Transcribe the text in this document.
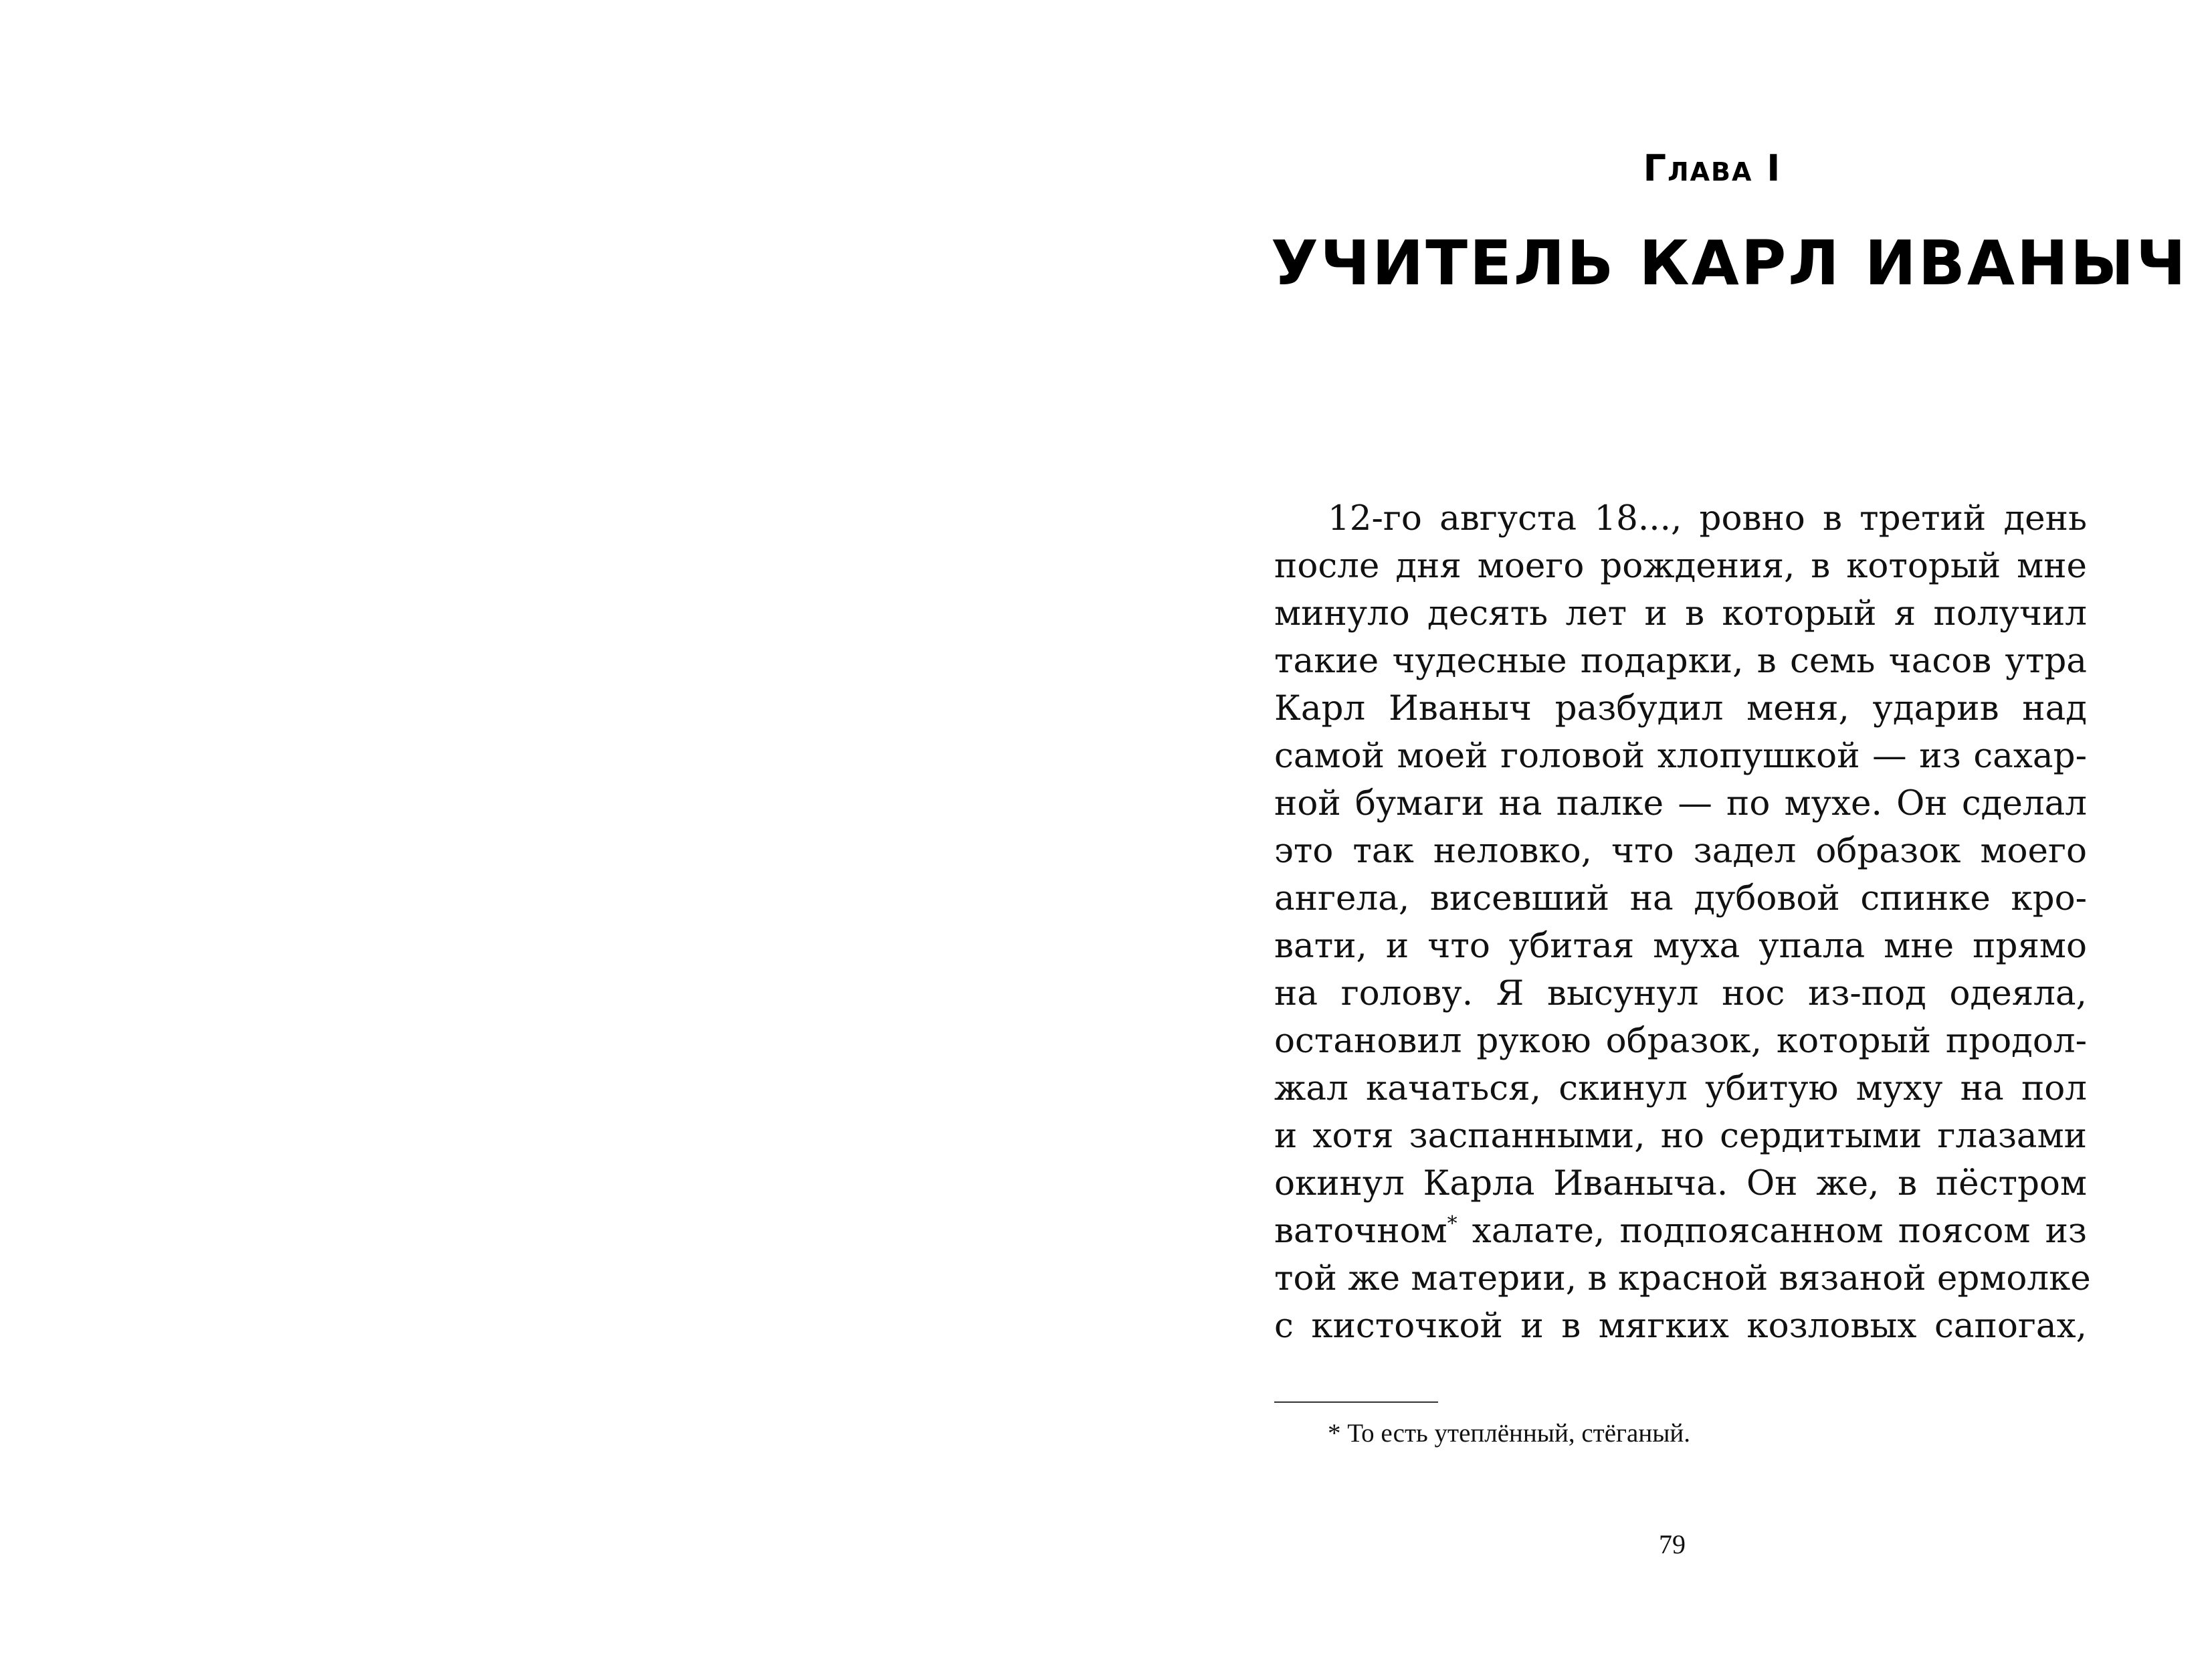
Глава I
УЧИТЕЛЬ КАРЛ ИВАНЫЧ
12-го августа 18..., ровно в третий день
после дня моего рождения, в который мне
минуло десять лет и в который я получил
такие чудесные подарки, в семь часов утра
Карл Иваныч разбудил меня, ударив над
самой моей головой хлопушкой — из сахар-
ной бумаги на палке — по мухе. Он сделал
это так неловко, что задел образок моего
ангела, висевший на дубовой спинке кро-
вати, и что убитая муха упала мне прямо
на голову. Я высунул нос из-под одеяла,
остановил рукою образок, который продол-
жал качаться, скинул убитую муху на пол
и хотя заспанными, но сердитыми глазами
окинул Карла Иваныча. Он же, в пёстром
ваточном* халате, подпоясанном поясом из
той же материи, в красной вязаной ермолке
с кисточкой и в мягких козловых сапогах,
* То есть утеплённый, стёганый.
79
